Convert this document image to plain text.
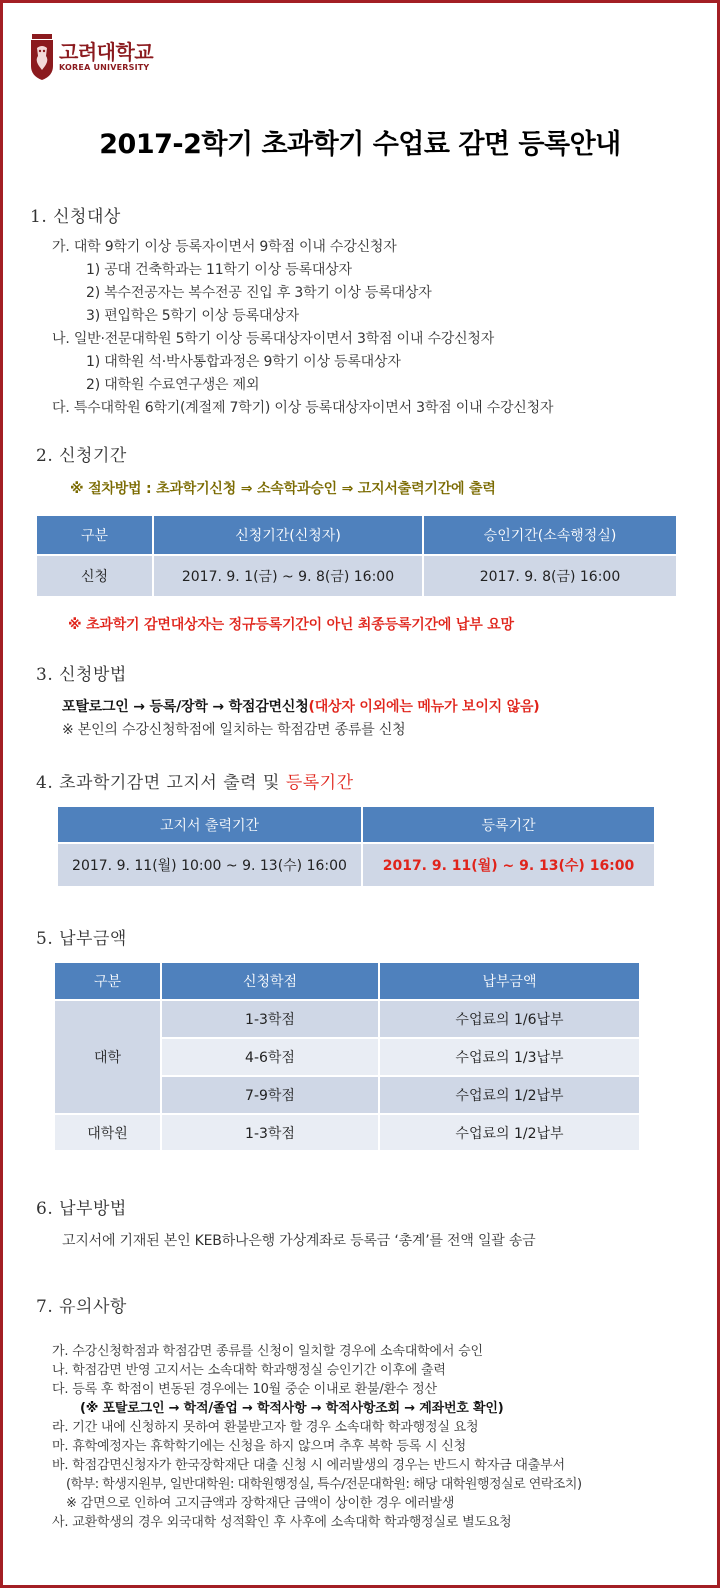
고려대학교
KOREA UNIVERSITY
2017-2학기 초과학기 수업료 감면 등록안내
1. 신청대상
가. 대학 9학기 이상 등록자이면서 9학점 이내 수강신청자
1) 공대 건축학과는 11학기 이상 등록대상자
2) 복수전공자는 복수전공 진입 후 3학기 이상 등록대상자
3) 편입학은 5학기 이상 등록대상자
나. 일반·전문대학원 5학기 이상 등록대상자이면서 3학점 이내 수강신청자
1) 대학원 석·박사통합과정은 9학기 이상 등록대상자
2) 대학원 수료연구생은 제외
다. 특수대학원 6학기(계절제 7학기) 이상 등록대상자이면서 3학점 이내 수강신청자
2. 신청기간
※ 절차방법 : 초과학기신청 ⇒ 소속학과승인 ⇒ 고지서출력기간에 출력
구분	신청기간(신청자)	승인기간(소속행정실)
신청	2017. 9. 1(금) ~ 9. 8(금) 16:00	2017. 9. 8(금) 16:00
※ 초과학기 감면대상자는 정규등록기간이 아닌 최종등록기간에 납부 요망
3. 신청방법
포탈로그인 → 등록/장학 → 학점감면신청(대상자 이외에는 메뉴가 보이지 않음)
※ 본인의 수강신청학점에 일치하는 학점감면 종류를 신청
4. 초과학기감면 고지서 출력 및 등록기간
고지서 출력기간	등록기간
2017. 9. 11(월) 10:00 ~ 9. 13(수) 16:00	2017. 9. 11(월) ~ 9. 13(수) 16:00
5. 납부금액
구분	신청학점	납부금액
대학	1-3학점	수업료의 1/6납부
	4-6학점	수업료의 1/3납부
	7-9학점	수업료의 1/2납부
대학원	1-3학점	수업료의 1/2납부
6. 납부방법
고지서에 기재된 본인 KEB하나은행 가상계좌로 등록금 ‘총계’를 전액 일괄 송금
7. 유의사항
가. 수강신청학점과 학점감면 종류를 신청이 일치할 경우에 소속대학에서 승인
나. 학점감면 반영 고지서는 소속대학 학과행정실 승인기간 이후에 출력
다. 등록 후 학점이 변동된 경우에는 10월 중순 이내로 환불/환수 정산
(※ 포탈로그인 → 학적/졸업 → 학적사항 → 학적사항조회 → 계좌번호 확인)
라. 기간 내에 신청하지 못하여 환불받고자 할 경우 소속대학 학과행정실 요청
마. 휴학예정자는 휴학학기에는 신청을 하지 않으며 추후 복학 등록 시 신청
바. 학점감면신청자가 한국장학재단 대출 신청 시 에러발생의 경우는 반드시 학자금 대출부서
(학부: 학생지원부, 일반대학원: 대학원행정실, 특수/전문대학원: 해당 대학원행정실로 연락조치)
※ 감면으로 인하여 고지금액과 장학재단 금액이 상이한 경우 에러발생
사. 교환학생의 경우 외국대학 성적확인 후 사후에 소속대학 학과행정실로 별도요청
